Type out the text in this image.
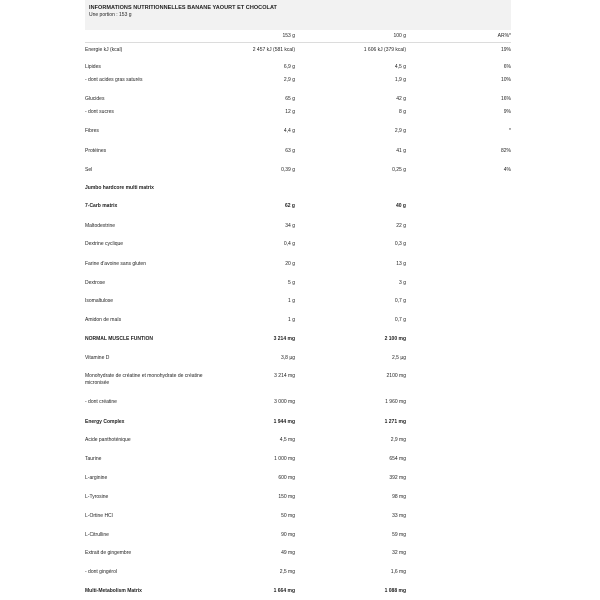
INFORMATIONS NUTRITIONNELLES BANANE YAOURT ET CHOCOLAT
Une portion : 153 g
153 g	100 g	AR%*
Energie kJ (kcal)	2 457 kJ (581 kcal)	1 606 kJ (379 kcal)	19%
Lipides	6,9 g	4,5 g	6%
- dont acides gras saturés	2,9 g	1,9 g	10%
Glucides	65 g	42 g	16%
- dont sucres	12 g	8 g	9%
Fibres	4,4 g	2,9 g	*
Protéines	63 g	41 g	82%
Sel	0,39 g	0,25 g	4%
Jumbo hardcore multi matrix
7-Carb matrix	62 g	40 g
Maltodextrine	34 g	22 g
Dextrine cyclique	0,4 g	0,3 g
Farine d'avoine sans gluten	20 g	13 g
Dextrose	5 g	3 g
Isomaltulose	1 g	0,7 g
Amidon de maïs	1 g	0,7 g
NORMAL MUSCLE FUNTION	3 214 mg	2 100 mg
Vitamine D	3,8 µg	2,5 µg
Monohydrate de créatine et monohydrate de créatine micronisée
3 214 mg	2100 mg
- dont créatine	3 000 mg	1 960 mg
Energy Complex	1 944 mg	1 271 mg
Acide panthoténique	4,5 mg	2,9 mg
Taurine	1 000 mg	654 mg
L-arginine	600 mg	392 mg
L-Tyrosine	150 mg	98 mg
L-Ortine HCl	50 mg	33 mg
L-Citrulline	90 mg	59 mg
Extrait de gingembre	49 mg	32 mg
- dont gingérol	2,5 mg	1,6 mg
Multi-Metabolism Matrix	1 664 mg	1 088 mg
